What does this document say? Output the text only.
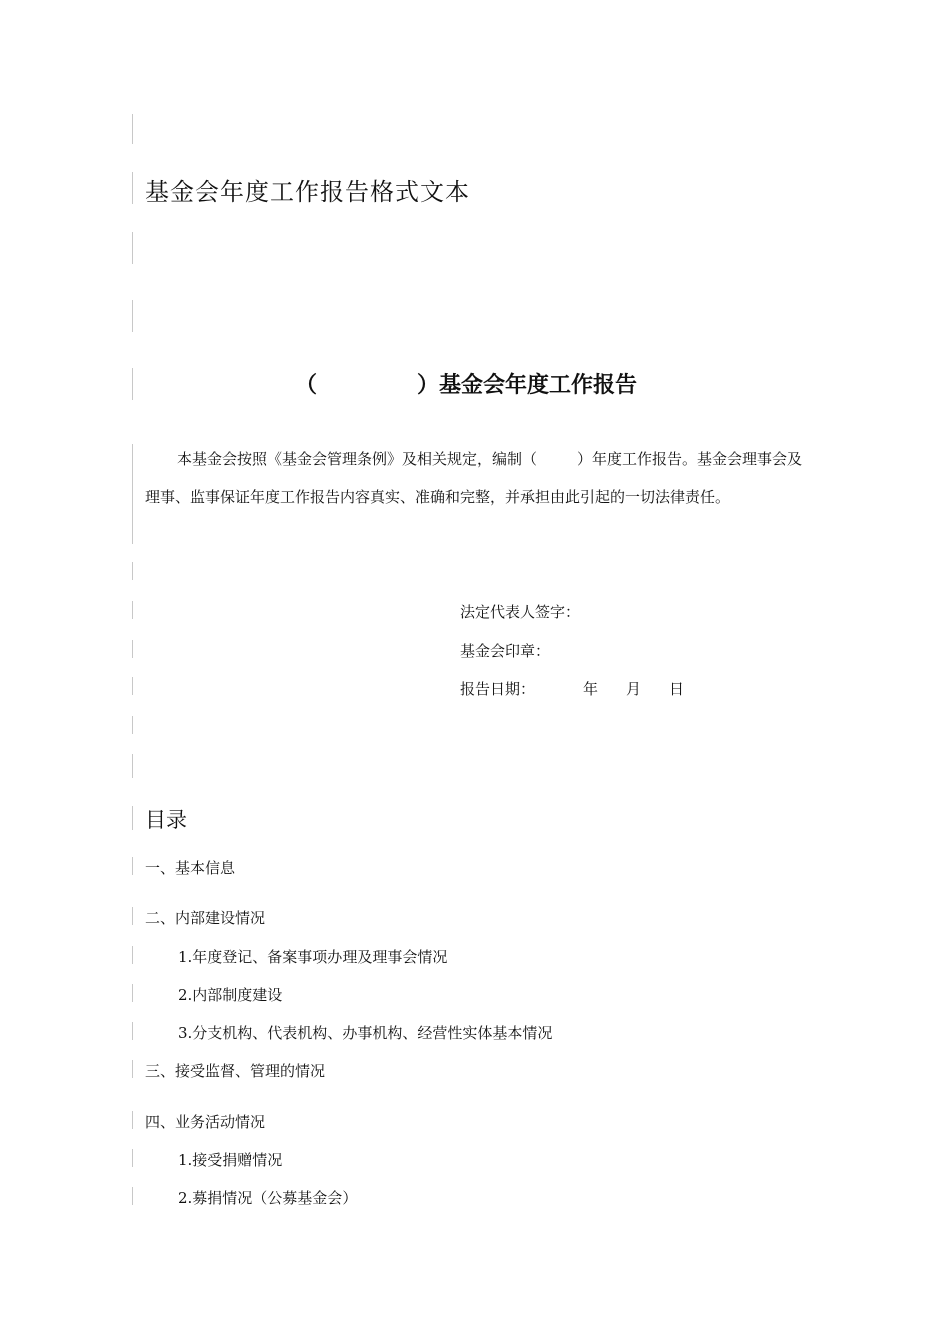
基金会年度工作报告格式文本
（	）基金会年度工作报告
本基金会按照《基金会管理条例》及相关规定，编制（	）年度工作报告。基金会理事会及理事、监事保证年度工作报告内容真实、准确和完整，并承担由此引起的一切法律责任。
法定代表人签字：
基金会印章：
报告日期：	年 月 日
目录
一、基本信息
二、内部建设情况
1.年度登记、备案事项办理及理事会情况
2.内部制度建设
3.分支机构、代表机构、办事机构、经营性实体基本情况
三、接受监督、管理的情况
四、业务活动情况
1.接受捐赠情况
2.募捐情况（公募基金会）
